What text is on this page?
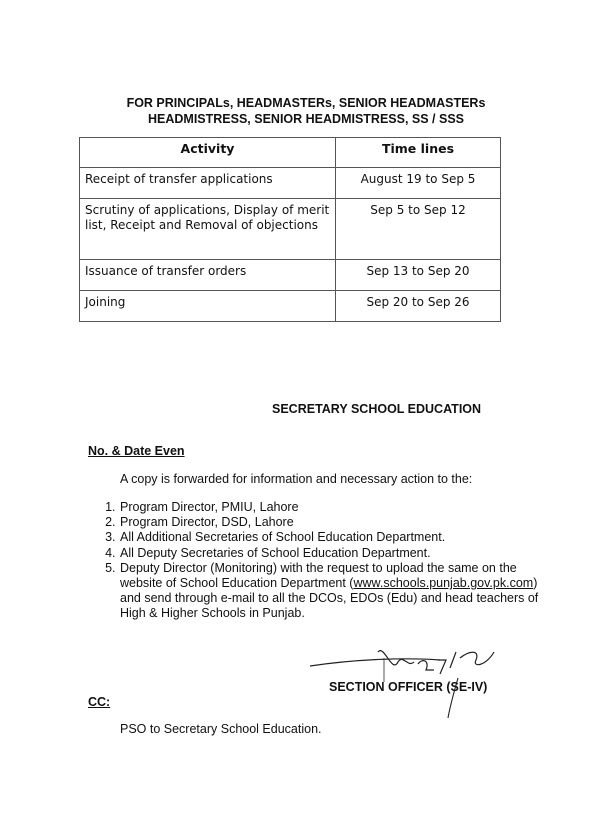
FOR PRINCIPALs, HEADMASTERs, SENIOR HEADMASTERs
HEADMISTRESS, SENIOR HEADMISTRESS, SS / SSS
Activity	Time lines
Receipt of transfer applications	August 19 to Sep 5
Scrutiny of applications, Display of merit list, Receipt and Removal of objections	Sep 5 to Sep 12
Issuance of transfer orders	Sep 13 to Sep 20
Joining	Sep 20 to Sep 26
SECRETARY SCHOOL EDUCATION
No. & Date Even
A copy is forwarded for information and necessary action to the:
1. Program Director, PMIU, Lahore
2. Program Director, DSD, Lahore
3. All Additional Secretaries of School Education Department.
4. All Deputy Secretaries of School Education Department.
5. Deputy Director (Monitoring) with the request to upload the same on the website of School Education Department (www.schools.punjab.gov.pk.com) and send through e-mail to all the DCOs, EDOs (Edu) and head teachers of High & Higher Schools in Punjab.
SECTION OFFICER (SE-IV)
CC:
PSO to Secretary School Education.
